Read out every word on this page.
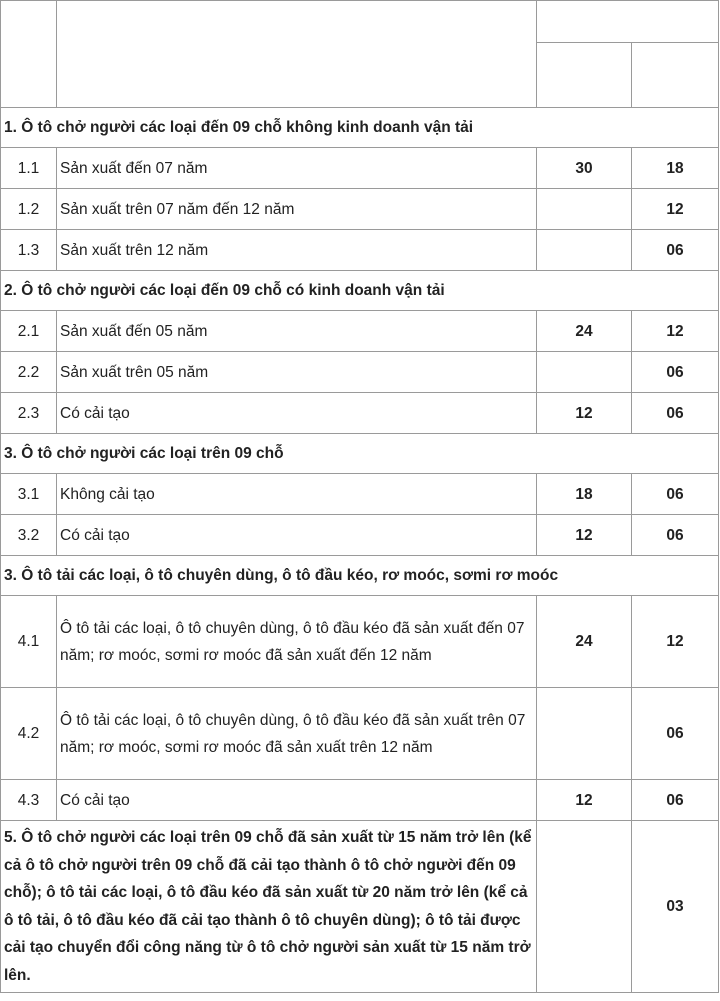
1. Ô tô chở người các loại đến 09 chỗ không kinh doanh vận tải			
1.1	Sản xuất đến 07 năm	30	18
1.2	Sản xuất trên 07 năm đến 12 năm		12
1.3	Sản xuất trên 12 năm		06
2. Ô tô chở người các loại đến 09 chỗ có kinh doanh vận tải			
2.1	Sản xuất đến 05 năm	24	12
2.2	Sản xuất trên 05 năm		06
2.3	Có cải tạo	12	06
3. Ô tô chở người các loại trên 09 chỗ			
3.1	Không cải tạo	18	06
3.2	Có cải tạo	12	06
3. Ô tô tải các loại, ô tô chuyên dùng, ô tô đầu kéo, rơ moóc, sơmi rơ moóc			
4.1	Ô tô tải các loại, ô tô chuyên dùng, ô tô đầu kéo đã sản xuất đến 07 năm; rơ moóc, sơmi rơ moóc đã sản xuất đến 12 năm	24	12
4.2	Ô tô tải các loại, ô tô chuyên dùng, ô tô đầu kéo đã sản xuất trên 07 năm; rơ moóc, sơmi rơ moóc đã sản xuất trên 12 năm		06
4.3	Có cải tạo	12	06
5. Ô tô chở người các loại trên 09 chỗ đã sản xuất từ 15 năm trở lên (kể cả ô tô chở người trên 09 chỗ đã cải tạo thành ô tô chở người đến 09 chỗ); ô tô tải các loại, ô tô đầu kéo đã sản xuất từ 20 năm trở lên (kể cả ô tô tải, ô tô đầu kéo đã cải tạo thành ô tô chuyên dùng); ô tô tải được cải tạo chuyển đổi công năng từ ô tô chở người sản xuất từ 15 năm trở lên.			03
